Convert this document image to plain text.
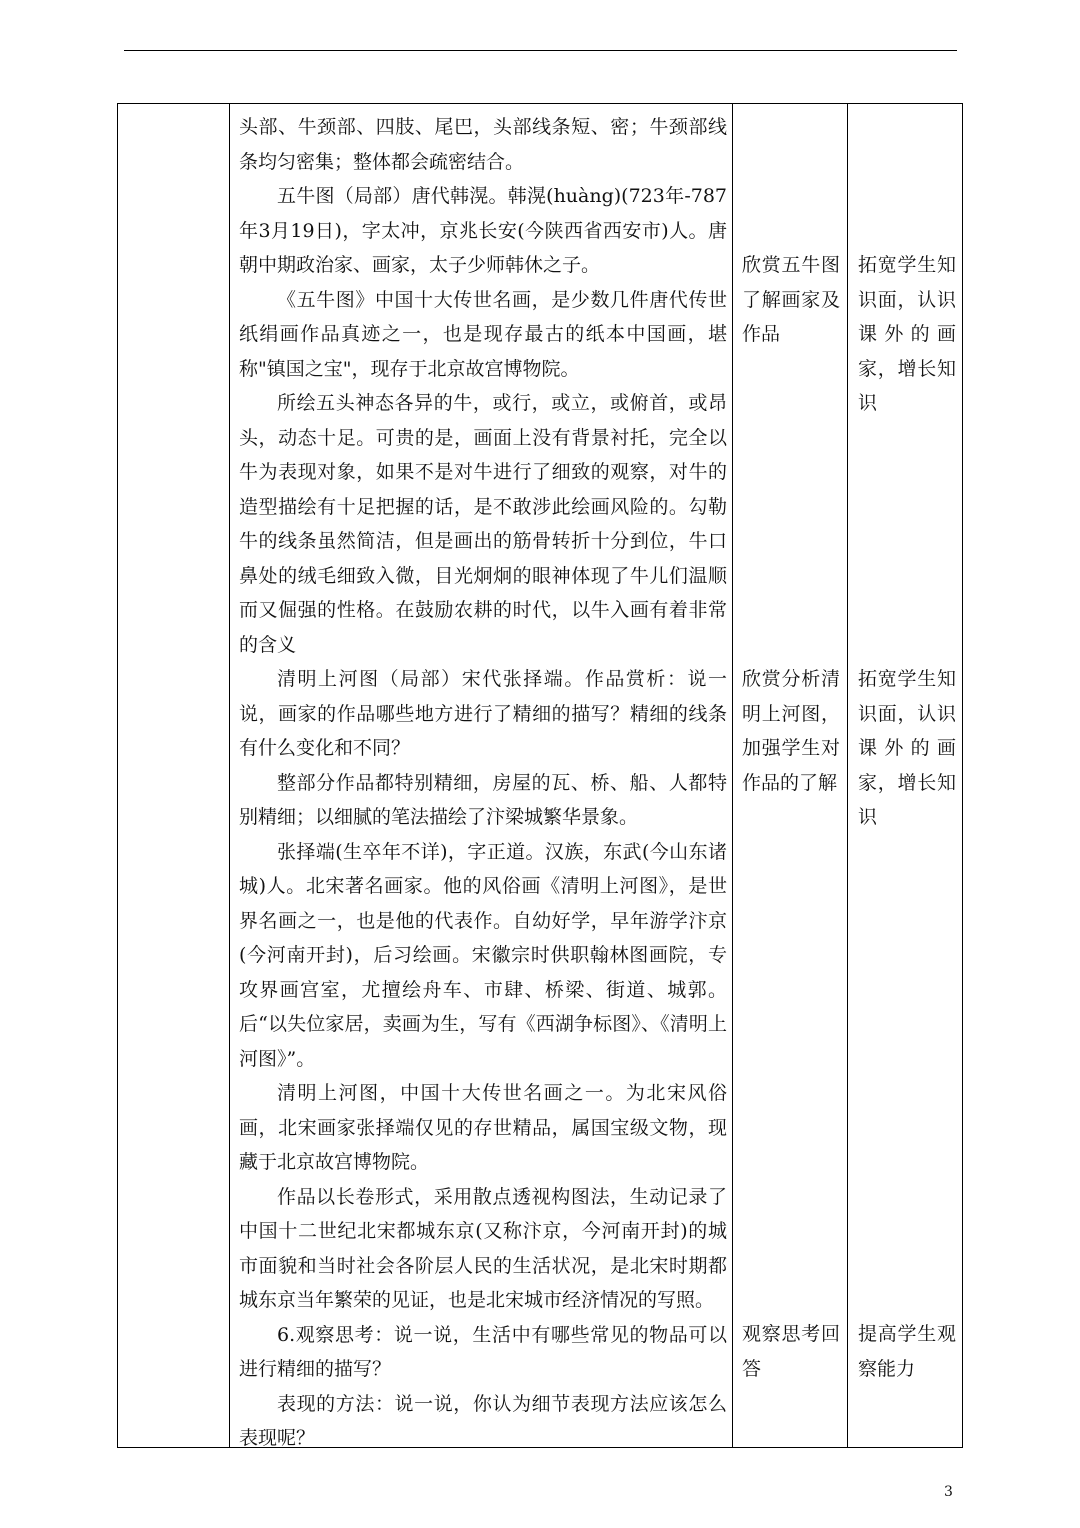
头部、牛颈部、四肢、尾巴，头部线条短、密；牛颈部线条均匀密集；整体都会疏密结合。

五牛图（局部）唐代韩滉。韩滉(huàng)(723年-787年3月19日)，字太冲，京兆长安(今陕西省西安市)人。唐朝中期政治家、画家，太子少师韩休之子。

《五牛图》中国十大传世名画，是少数几件唐代传世纸绢画作品真迹之一，也是现存最古的纸本中国画，堪称"镇国之宝"，现存于北京故宫博物院。

所绘五头神态各异的牛，或行，或立，或俯首，或昂头，动态十足。可贵的是，画面上没有背景衬托，完全以牛为表现对象，如果不是对牛进行了细致的观察，对牛的造型描绘有十足把握的话，是不敢涉此绘画风险的。勾勒牛的线条虽然简洁，但是画出的筋骨转折十分到位，牛口鼻处的绒毛细致入微，目光炯炯的眼神体现了牛儿们温顺而又倔强的性格。在鼓励农耕的时代，以牛入画有着非常的含义

清明上河图（局部）宋代张择端。作品赏析：说一说，画家的作品哪些地方进行了精细的描写？精细的线条有什么变化和不同？

整部分作品都特别精细，房屋的瓦、桥、船、人都特别精细；以细腻的笔法描绘了汴梁城繁华景象。

张择端(生卒年不详)，字正道。汉族，东武(今山东诸城)人。北宋著名画家。他的风俗画《清明上河图》，是世界名画之一，也是他的代表作。自幼好学，早年游学汴京(今河南开封)，后习绘画。宋徽宗时供职翰林图画院，专攻界画宫室，尤擅绘舟车、市肆、桥梁、街道、城郭。后“以失位家居，卖画为生，写有《西湖争标图》、《清明上河图》”。

清明上河图，中国十大传世名画之一。为北宋风俗画，北宋画家张择端仅见的存世精品，属国宝级文物，现藏于北京故宫博物院。

作品以长卷形式，采用散点透视构图法，生动记录了中国十二世纪北宋都城东京(又称汴京，今河南开封)的城市面貌和当时社会各阶层人民的生活状况，是北宋时期都城东京当年繁荣的见证，也是北宋城市经济情况的写照。

6.观察思考：说一说，生活中有哪些常见的物品可以进行精细的描写？

表现的方法：说一说，你认为细节表现方法应该怎么表现呢？

欣赏五牛图了解画家及作品

欣赏分析清明上河图，加强学生对作品的了解

观察思考回答

拓宽学生知识面，认识课外的画家，增长知识

拓宽学生知识面，认识课外的画家，增长知识

提高学生观察能力

3
